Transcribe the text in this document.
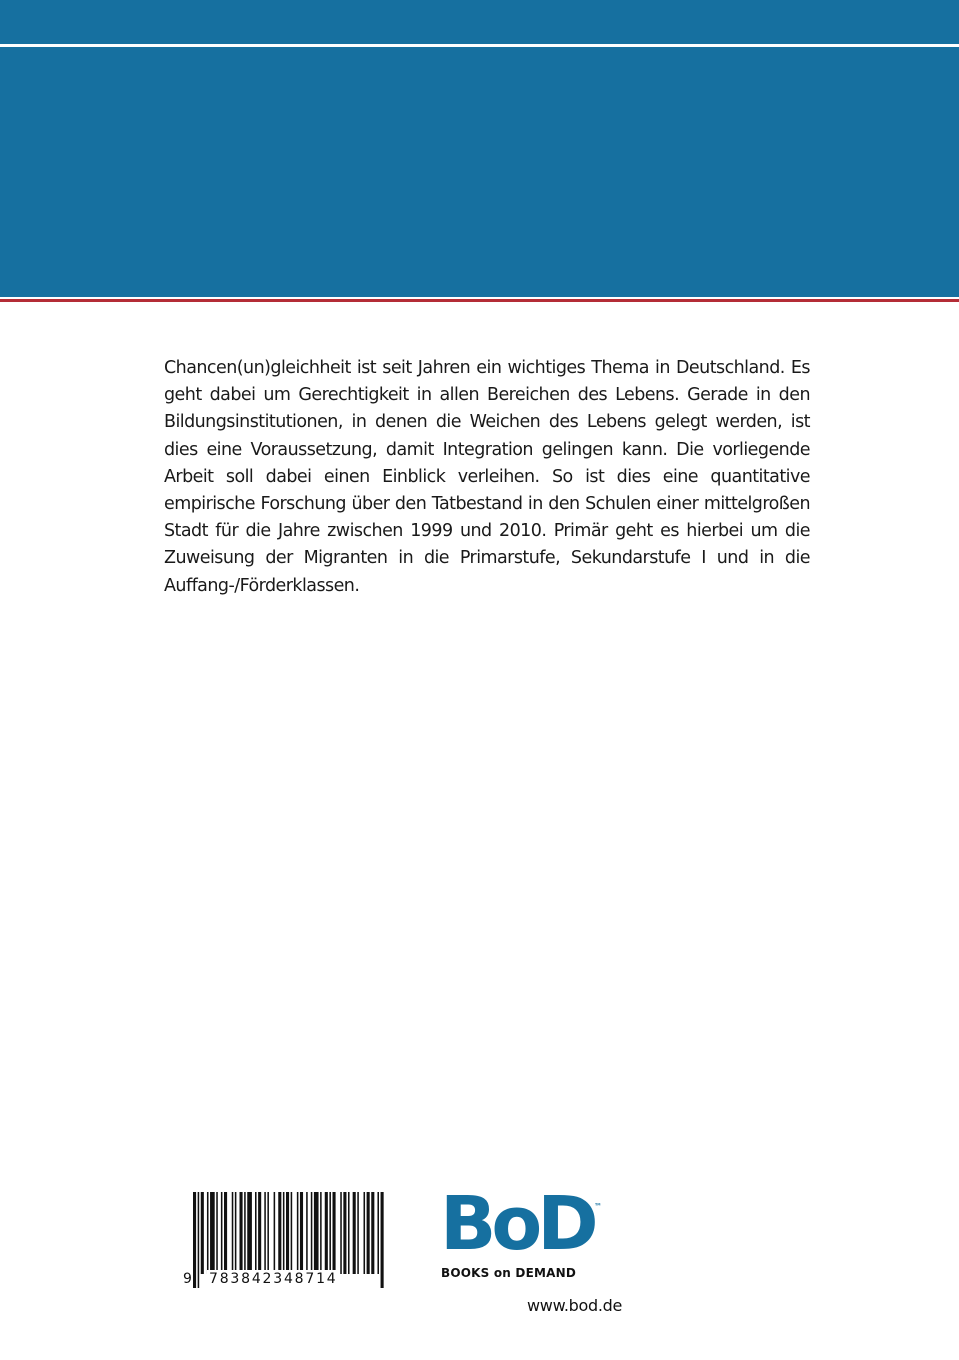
Chancen(un)gleichheit ist seit Jahren ein wichtiges Thema in Deutschland. Es geht dabei um Gerechtigkeit in allen Bereichen des Lebens. Gerade in den Bildungsinstitutionen, in denen die Weichen des Lebens gelegt werden, ist dies eine Voraussetzung, damit Integration gelingen kann. Die vorliegende Arbeit soll dabei einen Einblick verleihen. So ist dies eine quantitative empirische Forschung über den Tatbestand in den Schulen einer mittelgroßen Stadt für die Jahre zwischen 1999 und 2010. Primär geht es hierbei um die Zuweisung der Migranten in die Primarstufe, Sekundarstufe I und in die Auffang-/Förderklassen.

9 783842348714
BoD ™
BOOKS on DEMAND
www.bod.de
